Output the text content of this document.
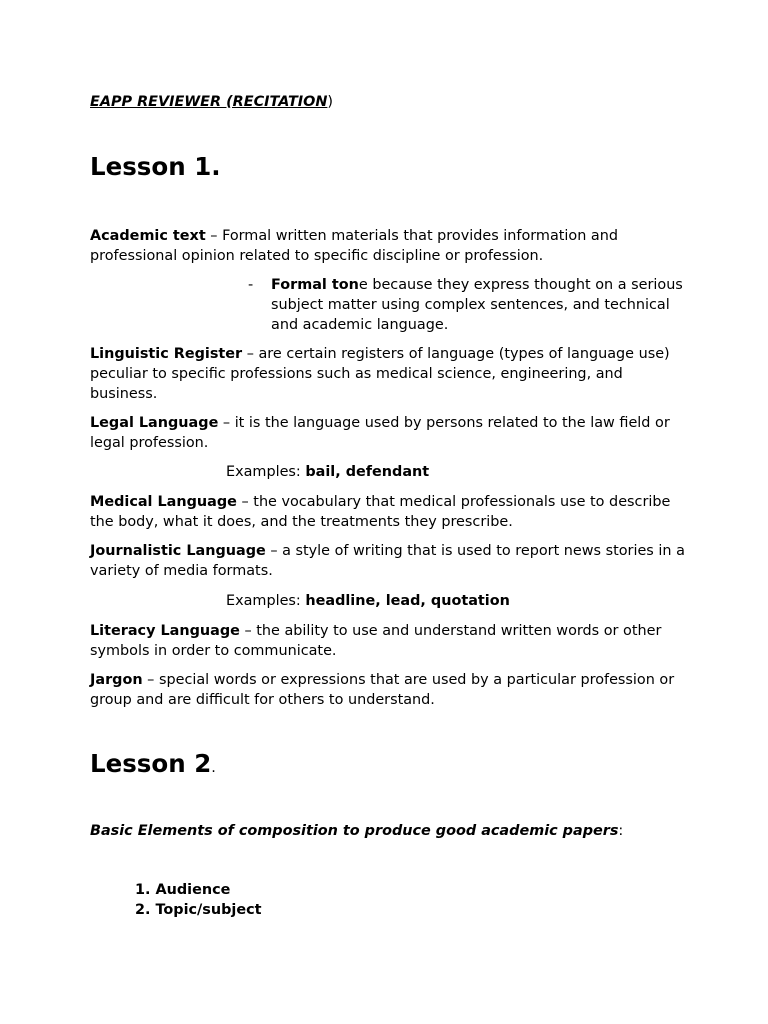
EAPP REVIEWER (RECITATION)
Lesson 1.
Academic text – Formal written materials that provides information and professional opinion related to specific discipline or profession.
- Formal tone because they express thought on a serious subject matter using complex sentences, and technical and academic language.
Linguistic Register – are certain registers of language (types of language use) peculiar to specific professions such as medical science, engineering, and business.
Legal Language – it is the language used by persons related to the law field or legal profession.
Examples: bail, defendant
Medical Language – the vocabulary that medical professionals use to describe the body, what it does, and the treatments they prescribe.
Journalistic Language – a style of writing that is used to report news stories in a variety of media formats.
Examples: headline, lead, quotation
Literacy Language – the ability to use and understand written words or other symbols in order to communicate.
Jargon – special words or expressions that are used by a particular profession or group and are difficult for others to understand.
Lesson 2.
Basic Elements of composition to produce good academic papers:
1. Audience
2. Topic/subject
